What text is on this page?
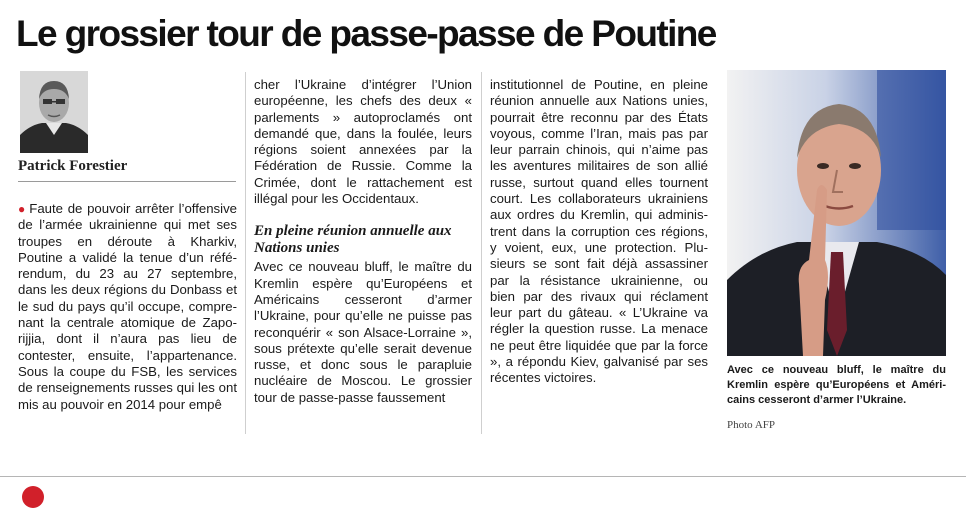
Le grossier tour de passe-passe de Poutine
Patrick Forestier

● Faute de pouvoir arrêter l’offensive de l’armée ukrainienne qui met ses troupes en déroute à Kharkiv, Poutine a validé la tenue d’un référendum, du 23 au 27 septembre, dans les deux régions du Donbass et le sud du pays qu’il occupe, comprenant la centrale atomique de Zaporijjia, dont il n’aura pas lieu de contester, ensuite, l’appartenance. Sous la coupe du FSB, les services de renseignements russes qui les ont mis au pouvoir en 2014 pour empê

cher l’Ukraine d’intégrer l’Union européenne, les chefs des deux « parlements » autoproclamés ont demandé que, dans la foulée, leurs régions soient annexées par la Fédération de Russie. Comme la Crimée, dont le rattachement est illégal pour les Occidentaux.

En pleine réunion annuelle aux Nations unies

Avec ce nouveau bluff, le maître du Kremlin espère qu’Européens et Américains cesseront d’armer l’Ukraine, pour qu’elle ne puisse pas reconquérir « son Alsace-Lorraine », sous prétexte qu’elle serait devenue russe, et donc sous le parapluie nucléaire de Moscou. Le grossier tour de passe-passe faussement

institutionnel de Poutine, en pleine réunion annuelle aux Nations unies, pourrait être reconnu par des États voyous, comme l’Iran, mais pas par leur parrain chinois, qui n’aime pas les aventures militaires de son allié russe, surtout quand elles tournent court. Les collaborateurs ukrainiens aux ordres du Kremlin, qui administrent dans la corruption ces régions, y voient, eux, une protection. Plusieurs se sont fait déjà assassiner par la résistance ukrainienne, ou bien par des rivaux qui réclament leur part du gâteau. « L’Ukraine va régler la question russe. La menace ne peut être liquidée que par la force », a répondu Kiev, galvanisé par ses récentes victoires.

Avec ce nouveau bluff, le maître du Kremlin espère qu’Européens et Américains cesseront d’armer l’Ukraine.

Photo AFP
